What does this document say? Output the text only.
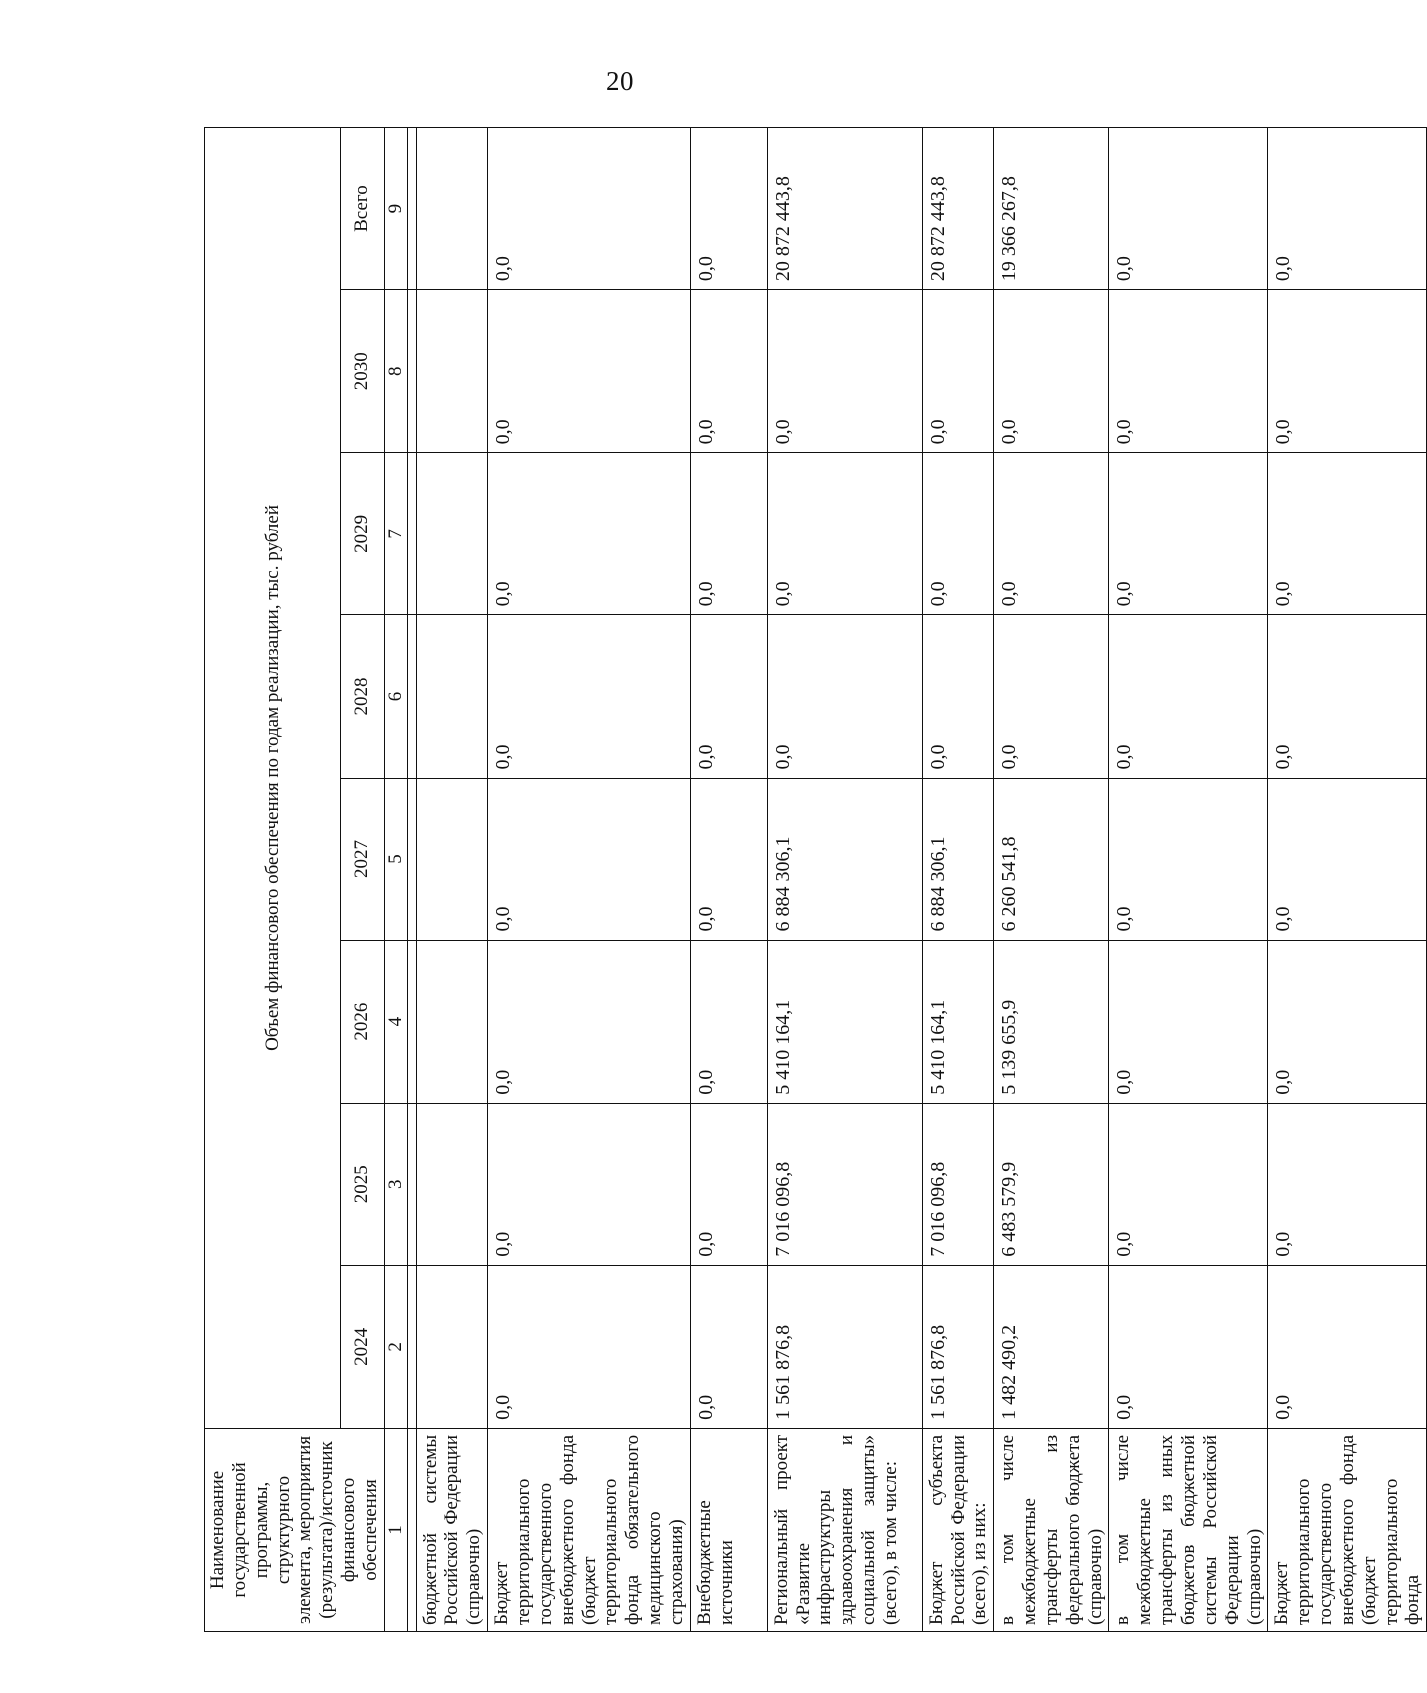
20
Наименование государственной программы, структурного элемента, мероприятия (результата)/источник финансового обеспечения	Объем финансового обеспечения по годам реализации, тыс. рублей							
	2024	2025	2026	2027	2028	2029	2030	Всего
1	2	3	4	5	6	7	8	9

бюджетной системы Российской Федерации (справочно)								
Бюджет территориального государственного внебюджетного фонда (бюджет территориального фонда обязательного медицинского страхования)	0,0	0,0	0,0	0,0	0,0	0,0	0,0	0,0
Внебюджетные источники	0,0	0,0	0,0	0,0	0,0	0,0	0,0	0,0
Региональный проект «Развитие инфраструктуры здравоохранения и социальной защиты» (всего), в том числе:	1 561 876,8	7 016 096,8	5 410 164,1	6 884 306,1	0,0	0,0	0,0	20 872 443,8
Бюджет субъекта Российской Федерации (всего), из них:	1 561 876,8	7 016 096,8	5 410 164,1	6 884 306,1	0,0	0,0	0,0	20 872 443,8
в том числе межбюджетные трансферты из федерального бюджета (справочно)	1 482 490,2	6 483 579,9	5 139 655,9	6 260 541,8	0,0	0,0	0,0	19 366 267,8
в том числе межбюджетные трансферты из иных бюджетов бюджетной системы Российской Федерации (справочно)	0,0	0,0	0,0	0,0	0,0	0,0	0,0	0,0
Бюджет территориального государственного внебюджетного фонда (бюджет территориального фонда	0,0	0,0	0,0	0,0	0,0	0,0	0,0	0,0
